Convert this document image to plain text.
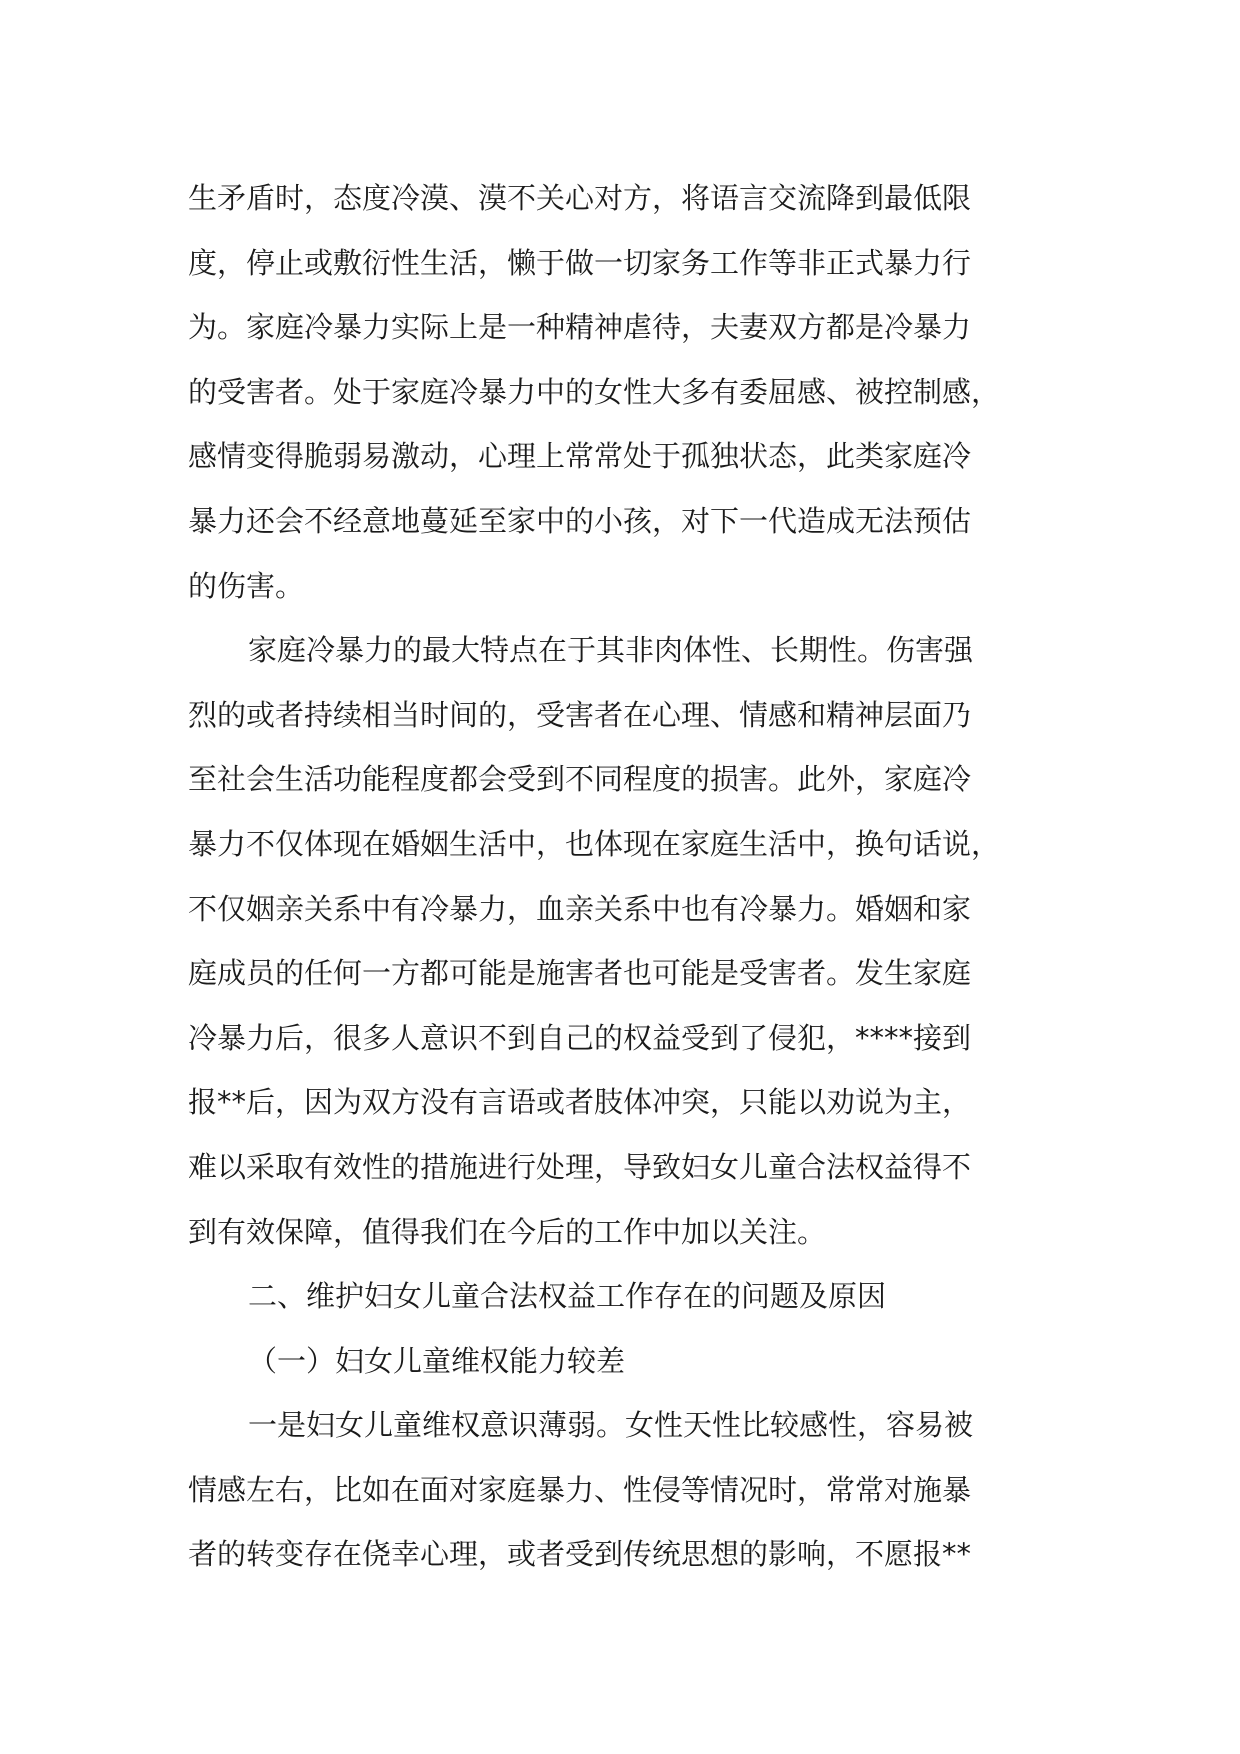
生矛盾时，态度冷漠、漠不关心对方，将语言交流降到最低限
度，停止或敷衍性生活，懒于做一切家务工作等非正式暴力行
为。家庭冷暴力实际上是一种精神虐待，夫妻双方都是冷暴力
的受害者。处于家庭冷暴力中的女性大多有委屈感、被控制感，
感情变得脆弱易激动，心理上常常处于孤独状态，此类家庭冷
暴力还会不经意地蔓延至家中的小孩，对下一代造成无法预估
的伤害。

家庭冷暴力的最大特点在于其非肉体性、长期性。伤害强
烈的或者持续相当时间的，受害者在心理、情感和精神层面乃
至社会生活功能程度都会受到不同程度的损害。此外，家庭冷
暴力不仅体现在婚姻生活中，也体现在家庭生活中，换句话说，
不仅姻亲关系中有冷暴力，血亲关系中也有冷暴力。婚姻和家
庭成员的任何一方都可能是施害者也可能是受害者。发生家庭
冷暴力后，很多人意识不到自己的权益受到了侵犯，****接到
报**后，因为双方没有言语或者肢体冲突，只能以劝说为主，
难以采取有效性的措施进行处理，导致妇女儿童合法权益得不
到有效保障，值得我们在今后的工作中加以关注。

二、维护妇女儿童合法权益工作存在的问题及原因

（一）妇女儿童维权能力较差

一是妇女儿童维权意识薄弱。女性天性比较感性，容易被
情感左右，比如在面对家庭暴力、性侵等情况时，常常对施暴
者的转变存在侥幸心理，或者受到传统思想的影响，不愿报**
